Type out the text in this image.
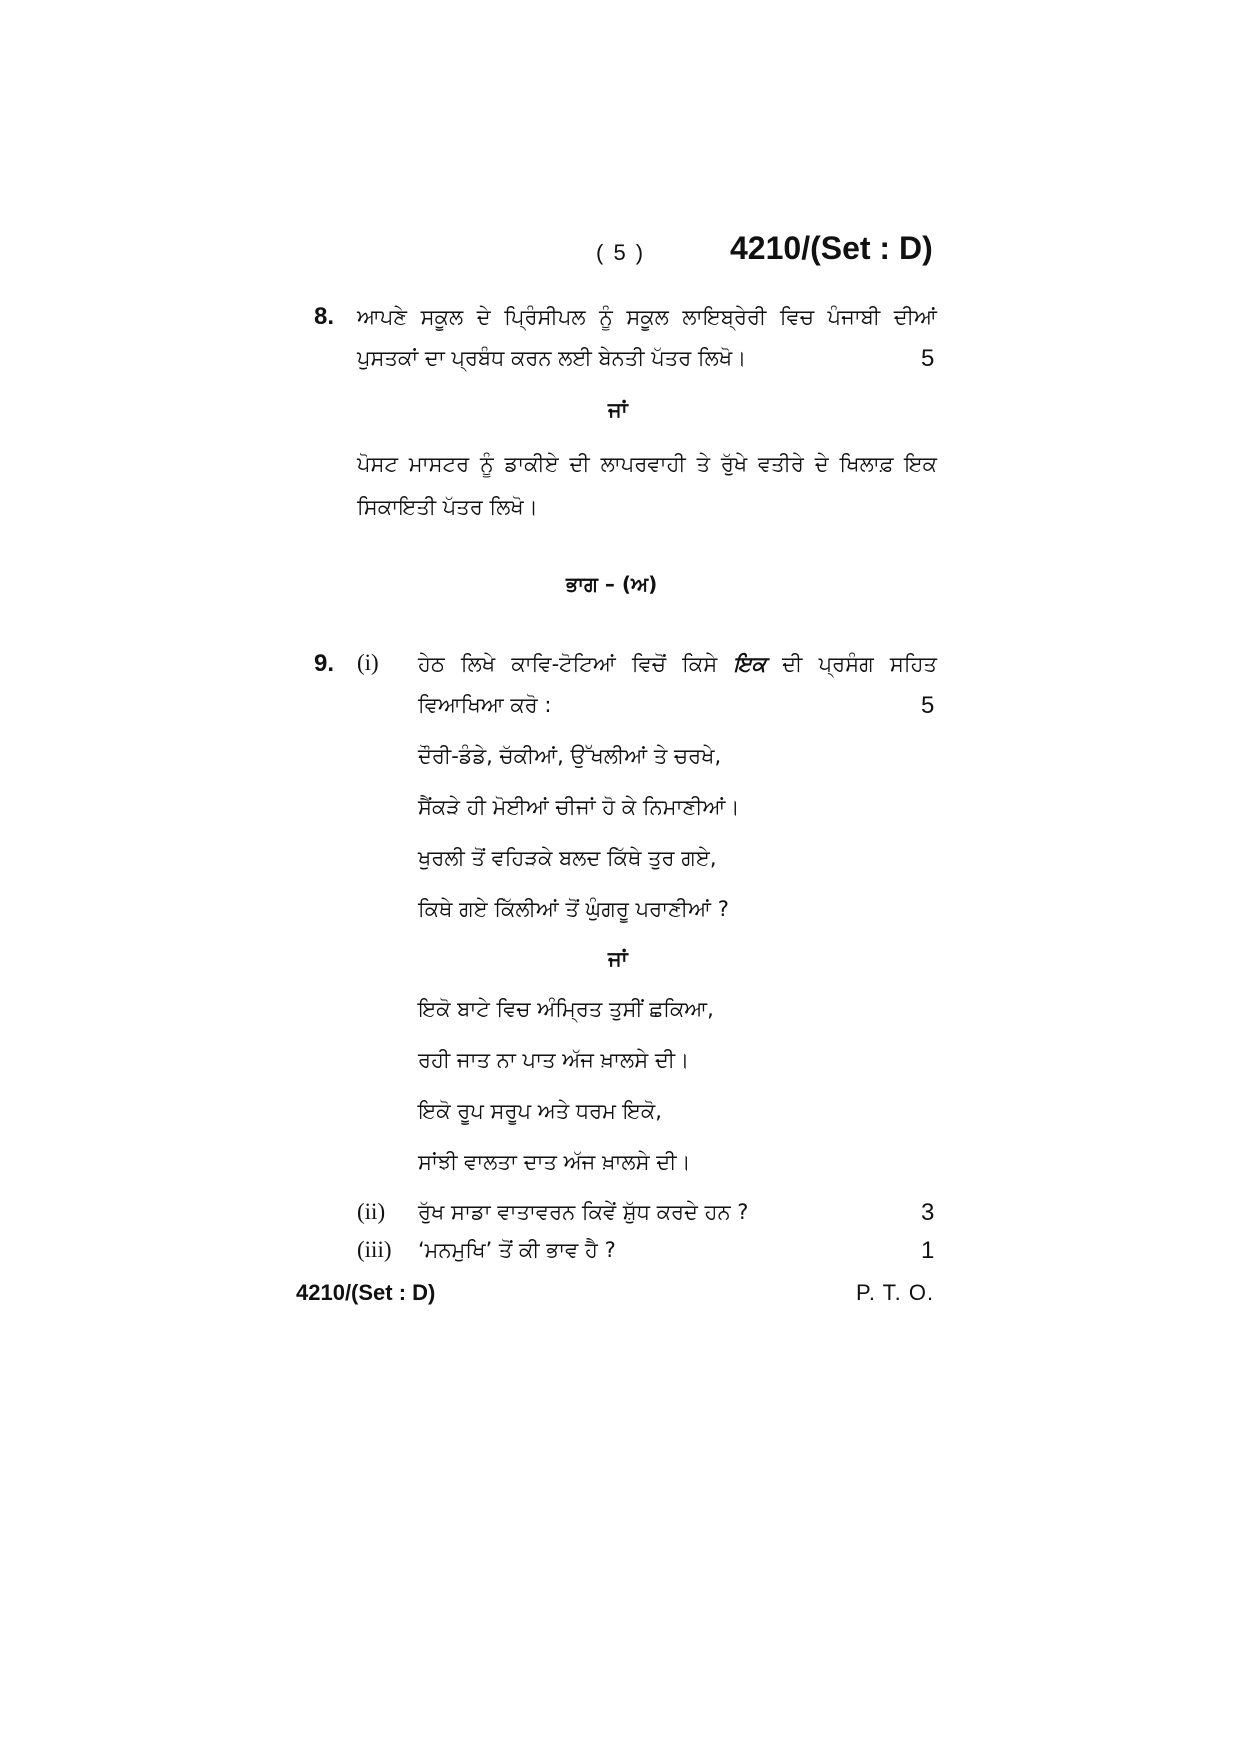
( 5 )	4210/(Set : D)
8. ਆਪਣੇ ਸਕੂਲ ਦੇ ਪ੍ਰਿੰਸੀਪਲ ਨੂੰ ਸਕੂਲ ਲਾਇਬ੍ਰੇਰੀ ਵਿਚ ਪੰਜਾਬੀ ਦੀਆਂ
ਪੁਸਤਕਾਂ ਦਾ ਪ੍ਰਬੰਧ ਕਰਨ ਲਈ ਬੇਨਤੀ ਪੱਤਰ ਲਿਖੋ।	5
ਜਾਂ
ਪੋਸਟ ਮਾਸਟਰ ਨੂੰ ਡਾਕੀਏ ਦੀ ਲਾਪਰਵਾਹੀ ਤੇ ਰੁੱਖੇ ਵਤੀਰੇ ਦੇ ਖਿਲਾਫ਼ ਇਕ
ਸਿਕਾਇਤੀ ਪੱਤਰ ਲਿਖੋ।
ਭਾਗ – (ਅ)
9. (i) ਹੇਠ ਲਿਖੇ ਕਾਵਿ-ਟੋਟਿਆਂ ਵਿਚੋਂ ਕਿਸੇ ਇਕ ਦੀ ਪ੍ਰਸੰਗ ਸਹਿਤ
ਵਿਆਖਿਆ ਕਰੋ :	5
ਦੌਰੀ-ਡੰਡੇ, ਚੱਕੀਆਂ, ਉੱਖਲੀਆਂ ਤੇ ਚਰਖੇ,
ਸੈਂਕੜੇ ਹੀ ਮੋਈਆਂ ਚੀਜਾਂ ਹੋ ਕੇ ਨਿਮਾਣੀਆਂ।
ਖੁਰਲੀ ਤੋਂ ਵਹਿੜਕੇ ਬਲਦ ਕਿੱਥੇ ਤੁਰ ਗਏ,
ਕਿਥੇ ਗਏ ਕਿੱਲੀਆਂ ਤੋਂ ਘੁੰਗਰੂ ਪਰਾਣੀਆਂ ?
ਜਾਂ
ਇਕੋ ਬਾਟੇ ਵਿਚ ਅੰਮ੍ਰਿਤ ਤੁਸੀਂ ਛਕਿਆ,
ਰਹੀ ਜਾਤ ਨਾ ਪਾਤ ਅੱਜ ਖ਼ਾਲਸੇ ਦੀ।
ਇਕੋ ਰੂਪ ਸਰੂਪ ਅਤੇ ਧਰਮ ਇਕੋ,
ਸਾਂਝੀ ਵਾਲਤਾ ਦਾਤ ਅੱਜ ਖ਼ਾਲਸੇ ਦੀ।
(ii) ਰੁੱਖ ਸਾਡਾ ਵਾਤਾਵਰਨ ਕਿਵੇਂ ਸ਼ੁੱਧ ਕਰਦੇ ਹਨ ?	3
(iii) ‘ਮਨਮੁਖਿ’ ਤੋਂ ਕੀ ਭਾਵ ਹੈ ?	1
4210/(Set : D)	P. T. O.
